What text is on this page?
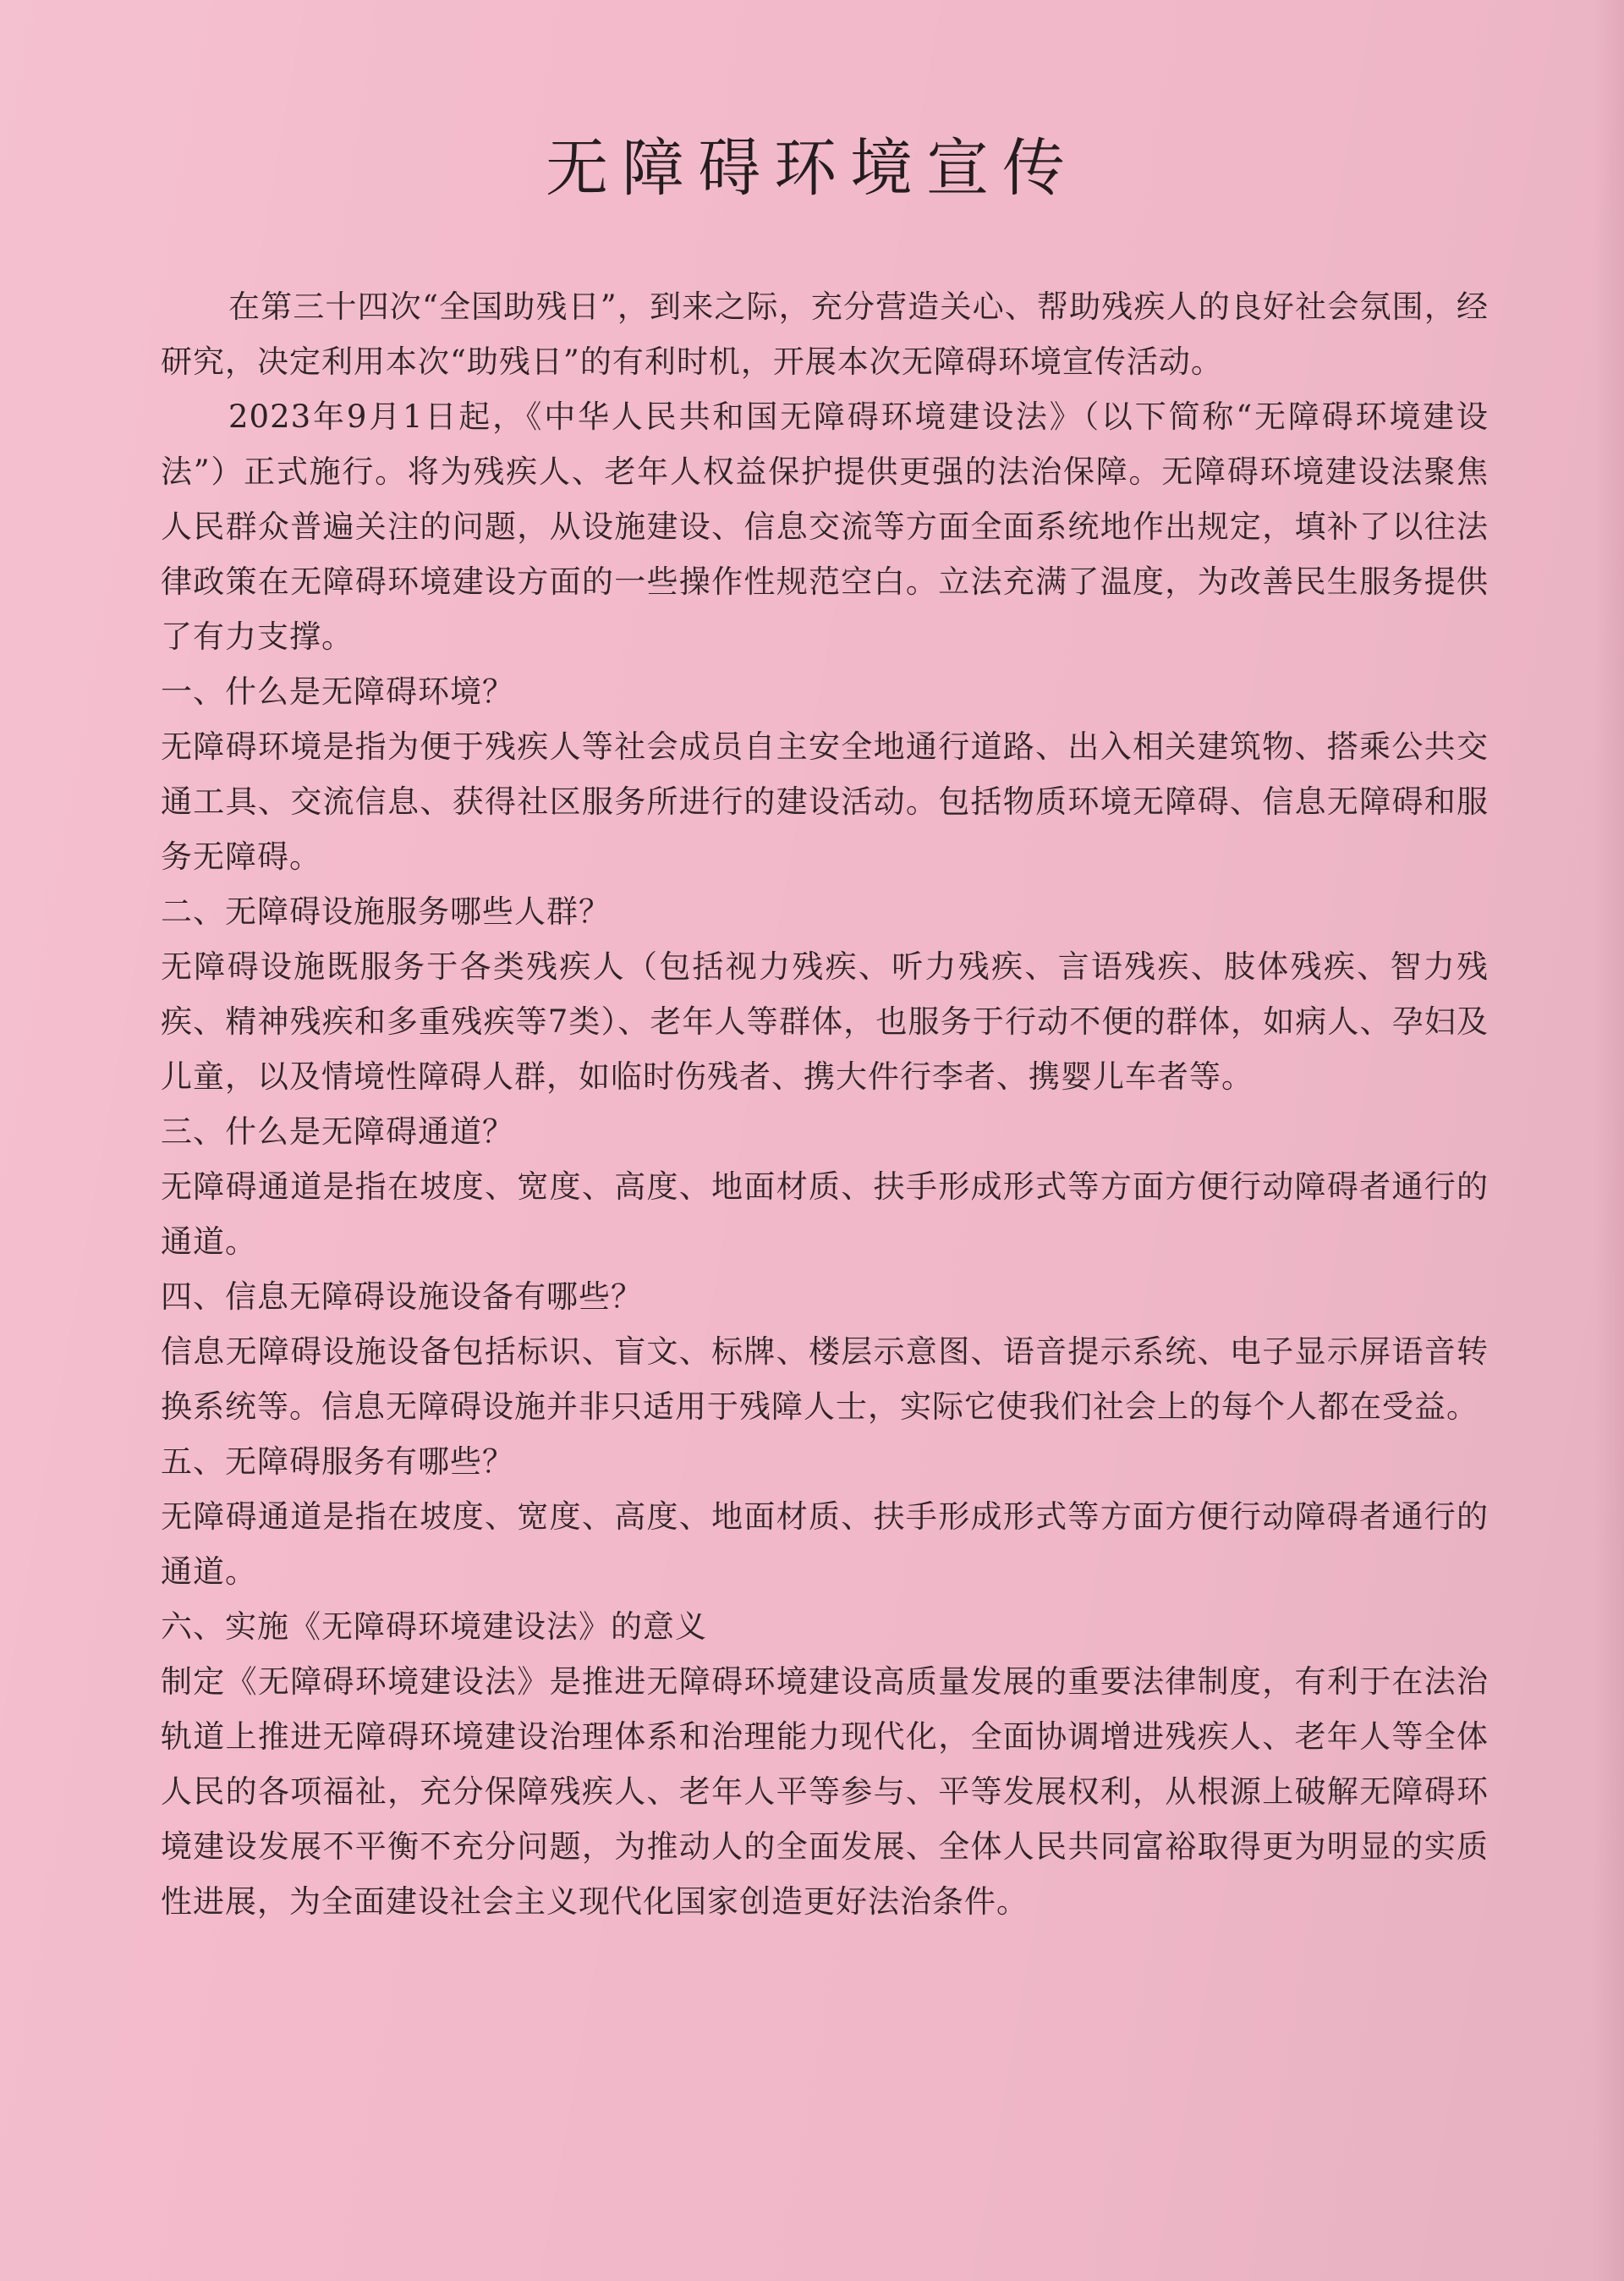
无障碍环境宣传

在第三十四次“全国助残日”，到来之际，充分营造关心、帮助残疾人的良好社会氛围，经研究，决定利用本次“助残日”的有利时机，开展本次无障碍环境宣传活动。

2023年9月1日起，《中华人民共和国无障碍环境建设法》（以下简称“无障碍环境建设法”）正式施行。将为残疾人、老年人权益保护提供更强的法治保障。无障碍环境建设法聚焦人民群众普遍关注的问题，从设施建设、信息交流等方面全面系统地作出规定，填补了以往法律政策在无障碍环境建设方面的一些操作性规范空白。立法充满了温度，为改善民生服务提供了有力支撑。

一、什么是无障碍环境？

无障碍环境是指为便于残疾人等社会成员自主安全地通行道路、出入相关建筑物、搭乘公共交通工具、交流信息、获得社区服务所进行的建设活动。包括物质环境无障碍、信息无障碍和服务无障碍。

二、无障碍设施服务哪些人群？

无障碍设施既服务于各类残疾人（包括视力残疾、听力残疾、言语残疾、肢体残疾、智力残疾、精神残疾和多重残疾等7类）、老年人等群体，也服务于行动不便的群体，如病人、孕妇及儿童，以及情境性障碍人群，如临时伤残者、携大件行李者、携婴儿车者等。

三、什么是无障碍通道？

无障碍通道是指在坡度、宽度、高度、地面材质、扶手形成形式等方面方便行动障碍者通行的通道。

四、信息无障碍设施设备有哪些？

信息无障碍设施设备包括标识、盲文、标牌、楼层示意图、语音提示系统、电子显示屏语音转换系统等。信息无障碍设施并非只适用于残障人士，实际它使我们社会上的每个人都在受益。

五、无障碍服务有哪些？

无障碍通道是指在坡度、宽度、高度、地面材质、扶手形成形式等方面方便行动障碍者通行的通道。

六、实施《无障碍环境建设法》的意义

制定《无障碍环境建设法》是推进无障碍环境建设高质量发展的重要法律制度，有利于在法治轨道上推进无障碍环境建设治理体系和治理能力现代化，全面协调增进残疾人、老年人等全体人民的各项福祉，充分保障残疾人、老年人平等参与、平等发展权利，从根源上破解无障碍环境建设发展不平衡不充分问题，为推动人的全面发展、全体人民共同富裕取得更为明显的实质性进展，为全面建设社会主义现代化国家创造更好法治条件。
